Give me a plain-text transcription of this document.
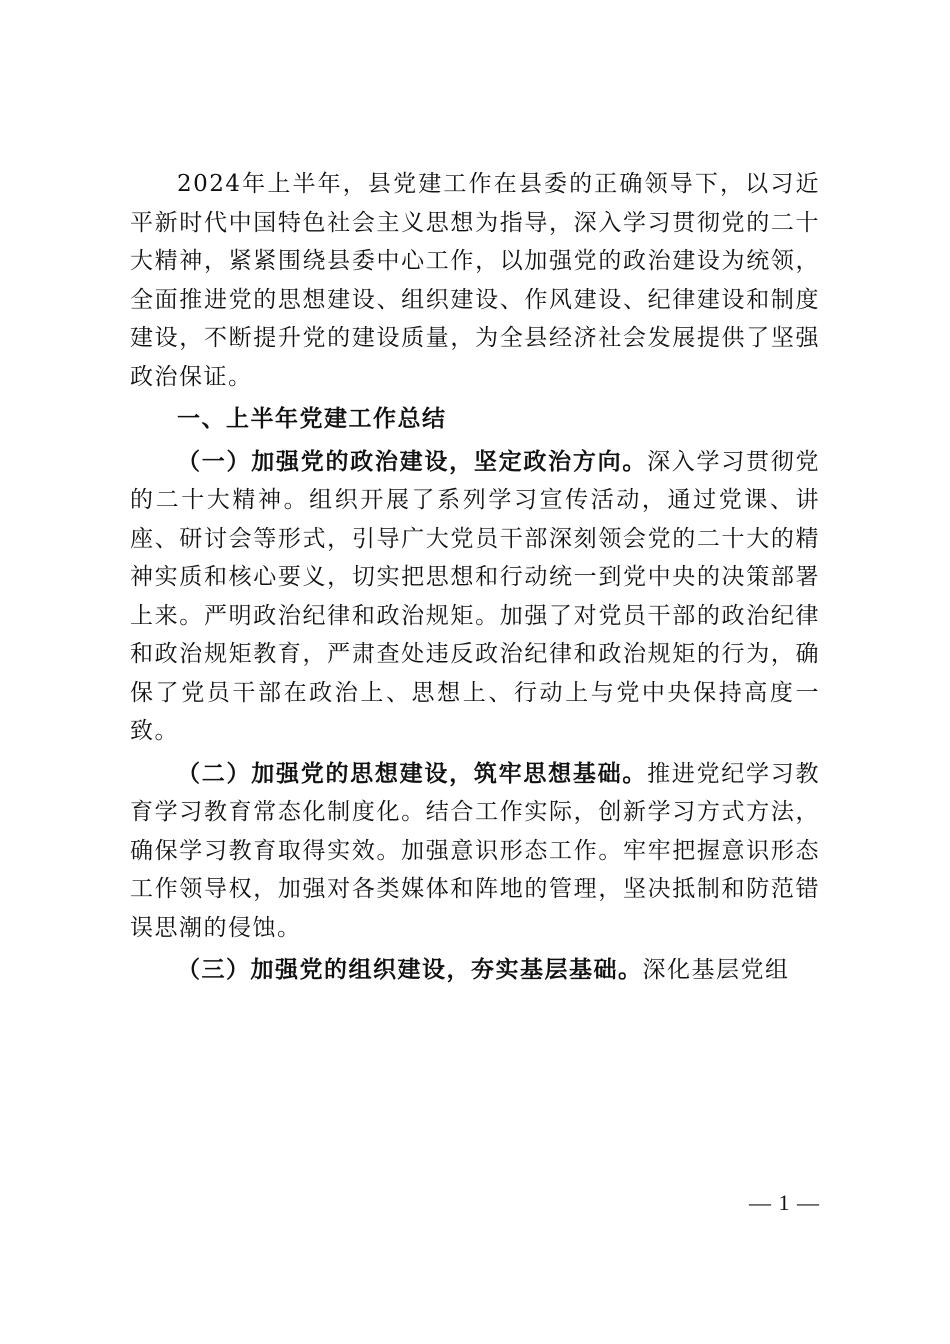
2024年上半年，县党建工作在县委的正确领导下，以习近平新时代中国特色社会主义思想为指导，深入学习贯彻党的二十大精神，紧紧围绕县委中心工作，以加强党的政治建设为统领，全面推进党的思想建设、组织建设、作风建设、纪律建设和制度建设，不断提升党的建设质量，为全县经济社会发展提供了坚强政治保证。

一、上半年党建工作总结

（一）加强党的政治建设，坚定政治方向。深入学习贯彻党的二十大精神。组织开展了系列学习宣传活动，通过党课、讲座、研讨会等形式，引导广大党员干部深刻领会党的二十大的精神实质和核心要义，切实把思想和行动统一到党中央的决策部署上来。严明政治纪律和政治规矩。加强了对党员干部的政治纪律和政治规矩教育，严肃查处违反政治纪律和政治规矩的行为，确保了党员干部在政治上、思想上、行动上与党中央保持高度一致。

（二）加强党的思想建设，筑牢思想基础。推进党纪学习教育学习教育常态化制度化。结合工作实际，创新学习方式方法，确保学习教育取得实效。加强意识形态工作。牢牢把握意识形态工作领导权，加强对各类媒体和阵地的管理，坚决抵制和防范错误思潮的侵蚀。

（三）加强党的组织建设，夯实基层基础。深化基层党组

— 1 —
